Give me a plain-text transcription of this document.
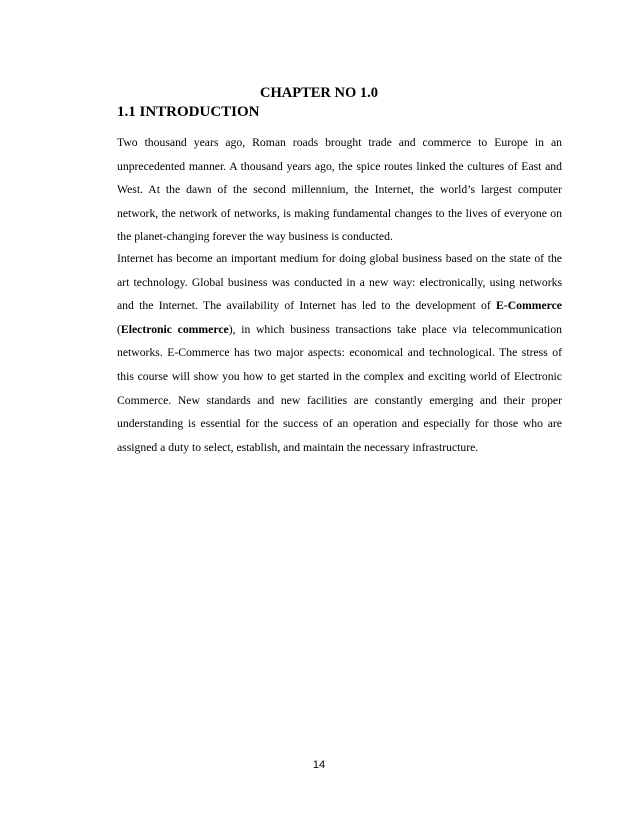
CHAPTER NO 1.0
1.1 INTRODUCTION

Two thousand years ago, Roman roads brought trade and commerce to Europe in an unprecedented manner. A thousand years ago, the spice routes linked the cultures of East and West. At the dawn of the second millennium, the Internet, the world’s largest computer network, the network of networks, is making fundamental changes to the lives of everyone on the planet-changing forever the way business is conducted.

Internet has become an important medium for doing global business based on the state of the art technology. Global business was conducted in a new way: electronically, using networks and the Internet. The availability of Internet has led to the development of E-Commerce (Electronic commerce), in which business transactions take place via telecommunication networks. E-Commerce has two major aspects: economical and technological. The stress of this course will show you how to get started in the complex and exciting world of Electronic Commerce. New standards and new facilities are constantly emerging and their proper understanding is essential for the success of an operation and especially for those who are assigned a duty to select, establish, and maintain the necessary infrastructure.

14
